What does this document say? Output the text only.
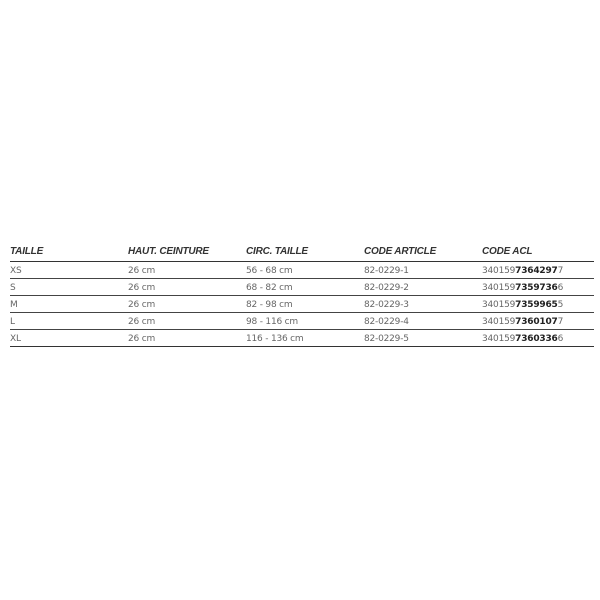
TAILLE	HAUT. CEINTURE	CIRC. TAILLE	CODE ARTICLE	CODE ACL
XS	26 cm	56 - 68 cm	82-0229-1	34015973642977
S	26 cm	68 - 82 cm	82-0229-2	34015973597366
M	26 cm	82 - 98 cm	82-0229-3	34015973599655
L	26 cm	98 - 116 cm	82-0229-4	34015973601077
XL	26 cm	116 - 136 cm	82-0229-5	34015973603366
